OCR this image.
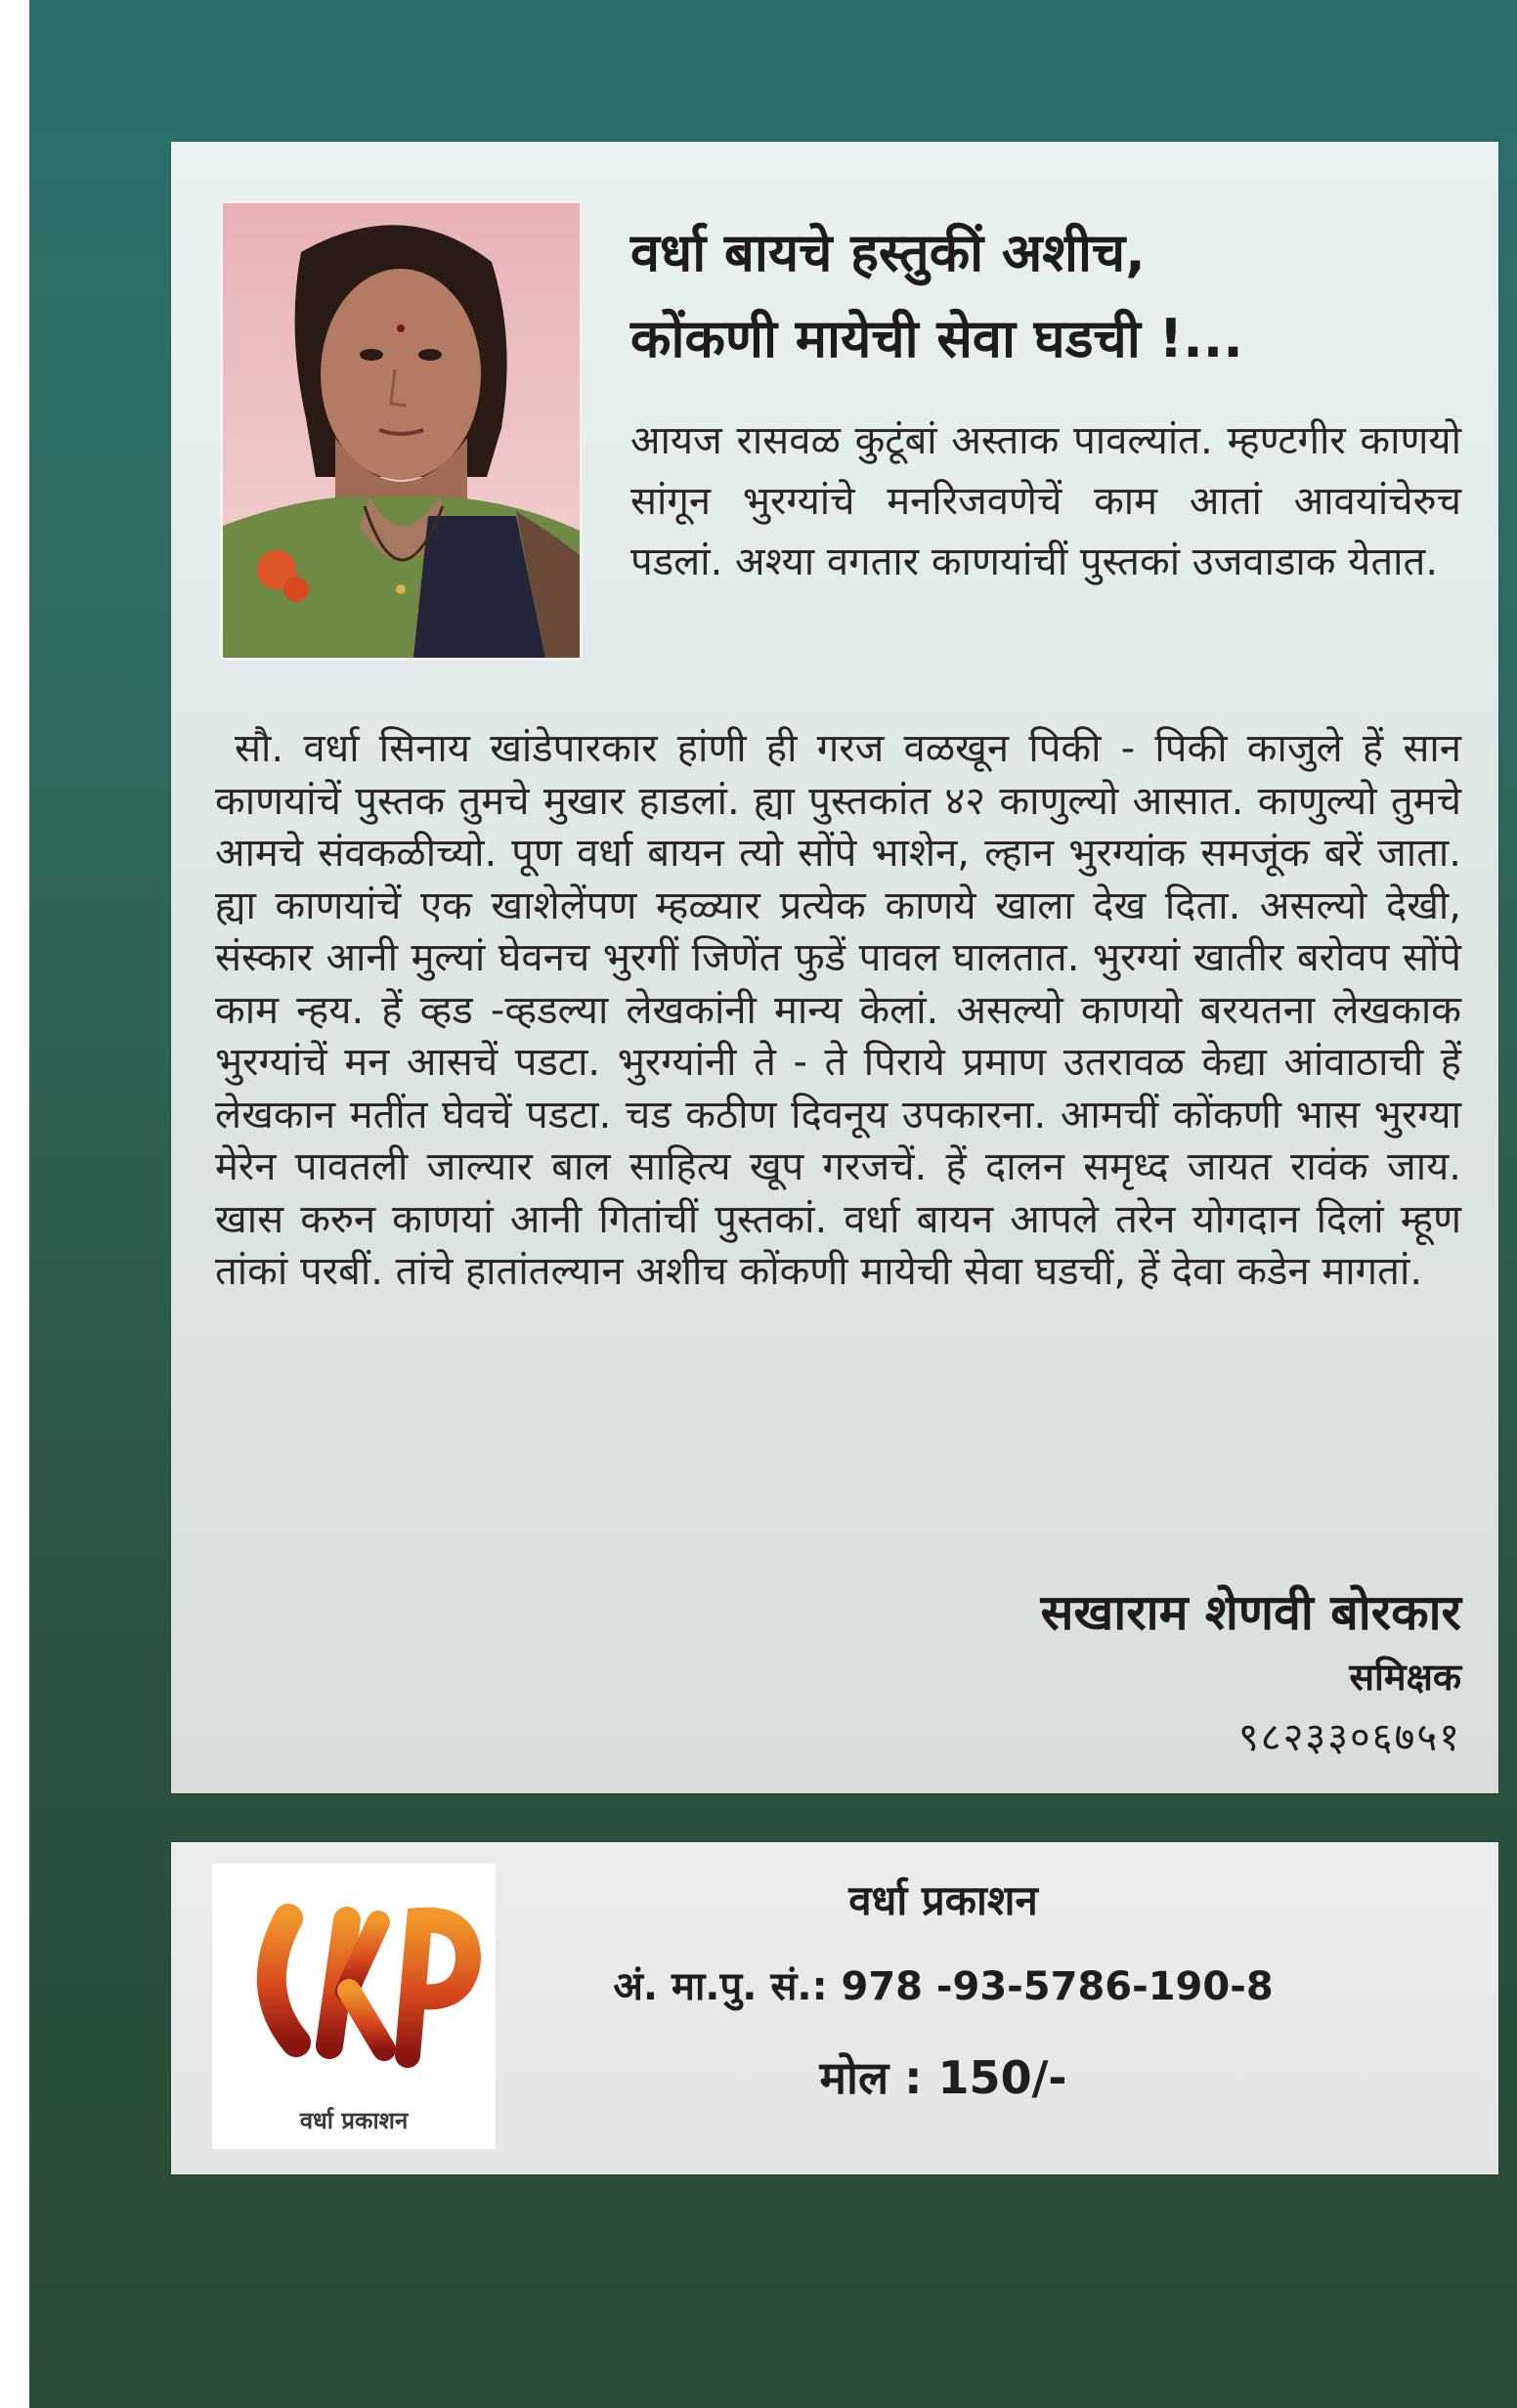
वर्धा बायचे हस्तुकीं अशीच,
कोंकणी मायेची सेवा घडची !...
आयज रासवळ कुटूंबां अस्ताक पावल्यांत. म्हण्टगीर काणयो सांगून भुरग्यांचे मनरिजवणेचें काम आतां आवयांचेरुच पडलां. अश्या वगतार काणयांचीं पुस्तकां उजवाडाक येतात.
सौ. वर्धा सिनाय खांडेपारकार हांणी ही गरज वळखून पिकी - पिकी काजुले हें सान काणयांचें पुस्तक तुमचे मुखार हाडलां. ह्या पुस्तकांत ४२ काणुल्यो आसात. काणुल्यो तुमचे आमचे संवकळीच्यो. पूण वर्धा बायन त्यो सोंपे भाशेन, ल्हान भुरग्यांक समजूंक बरें जाता. ह्या काणयांचें एक खाशेलेंपण म्हळ्यार प्रत्येक काणये खाला देख दिता. असल्यो देखी, संस्कार आनी मुल्यां घेवनच भुरगीं जिणेंत फुडें पावल घालतात. भुरग्यां खातीर बरोवप सोंपे काम न्हय. हें व्हड -व्हडल्या लेखकांनी मान्य केलां. असल्यो काणयो बरयतना लेखकाक भुरग्यांचें मन आसचें पडटा. भुरग्यांनी ते - ते पिराये प्रमाण उतरावळ केद्या आंवाठाची हें लेखकान मतींत घेवचें पडटा. चड कठीण दिवनूय उपकारना. आमचीं कोंकणी भास भुरग्या मेरेन पावतली जाल्यार बाल साहित्य खूप गरजचें. हें दालन समृध्द जायत रावंक जाय. खास करुन काणयां आनी गितांचीं पुस्तकां. वर्धा बायन आपले तरेन योगदान दिलां म्हूण तांकां परबीं. तांचे हातांतल्यान अशीच कोंकणी मायेची सेवा घडचीं, हें देवा कडेन मागतां.
सखाराम शेणवी बोरकार
समिक्षक
९८२३३०६७५१
वर्धा प्रकाशन
वर्धा प्रकाशन
अं. मा.पु. सं.: 978 -93-5786-190-8
मोल : 150/-
